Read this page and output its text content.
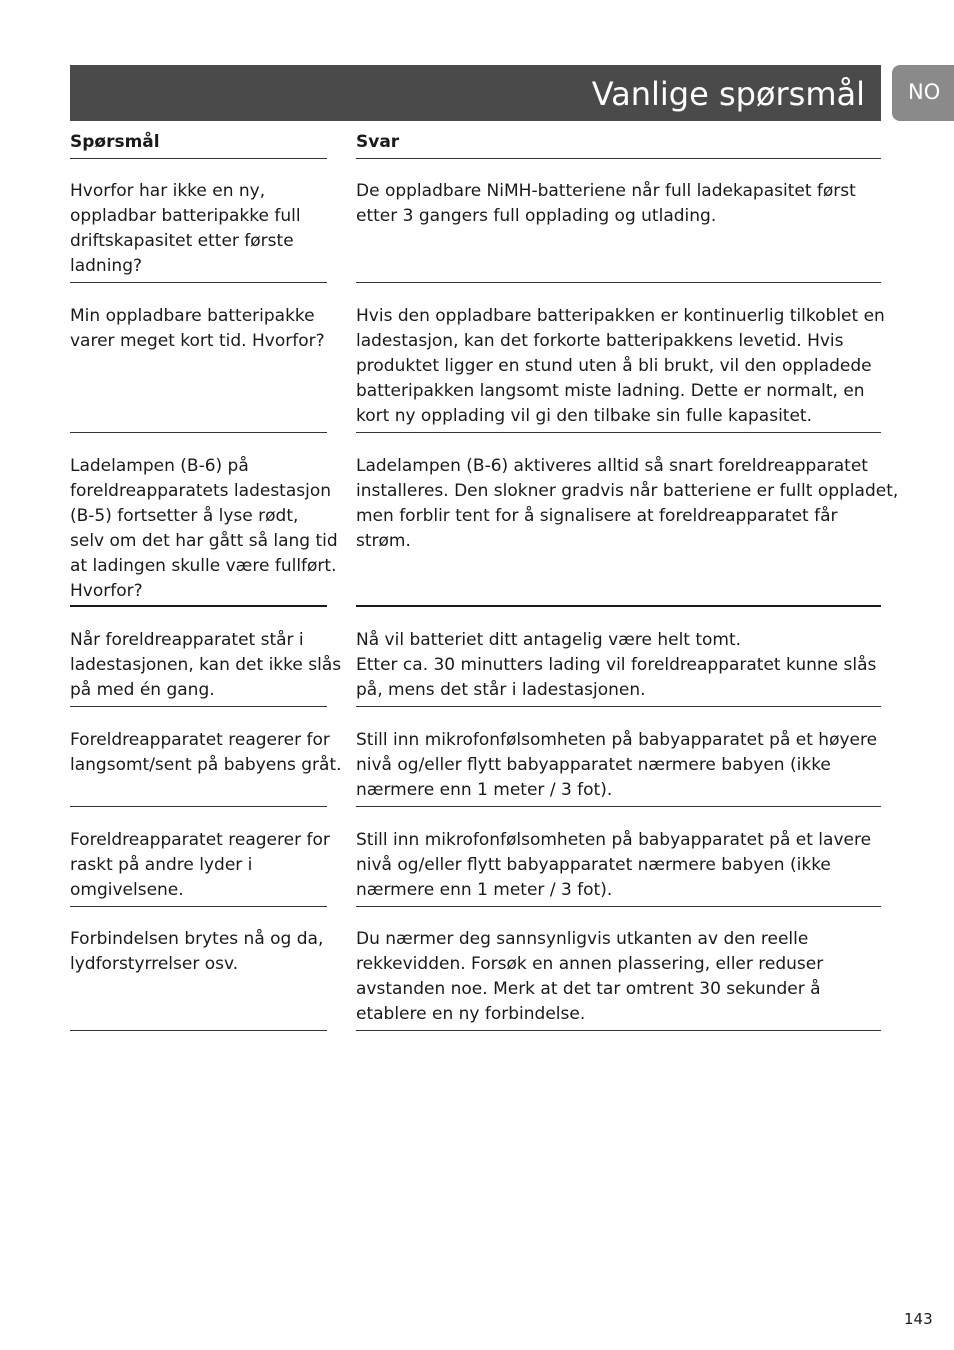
Vanlige spørsmål NO
Spørsmål	Svar
Hvorfor har ikke en ny,
oppladbar batteripakke full
driftskapasitet etter første
ladning?
De oppladbare NiMH-batteriene når full ladekapasitet først
etter 3 gangers full opplading og utlading.
Min oppladbare batteripakke
varer meget kort tid. Hvorfor?
Hvis den oppladbare batteripakken er kontinuerlig tilkoblet en
ladestasjon, kan det forkorte batteripakkens levetid. Hvis
produktet ligger en stund uten å bli brukt, vil den oppladede
batteripakken langsomt miste ladning. Dette er normalt, en
kort ny opplading vil gi den tilbake sin fulle kapasitet.
Ladelampen (B-6) på
foreldreapparatets ladestasjon
(B-5) fortsetter å lyse rødt,
selv om det har gått så lang tid
at ladingen skulle være fullført.
Hvorfor?
Ladelampen (B-6) aktiveres alltid så snart foreldreapparatet
installeres. Den slokner gradvis når batteriene er fullt oppladet,
men forblir tent for å signalisere at foreldreapparatet får
strøm.
Når foreldreapparatet står i
ladestasjonen, kan det ikke slås
på med én gang.
Nå vil batteriet ditt antagelig være helt tomt.
Etter ca. 30 minutters lading vil foreldreapparatet kunne slås
på, mens det står i ladestasjonen.
Foreldreapparatet reagerer for
langsomt/sent på babyens gråt.
Still inn mikrofonfølsomheten på babyapparatet på et høyere
nivå og/eller flytt babyapparatet nærmere babyen (ikke
nærmere enn 1 meter / 3 fot).
Foreldreapparatet reagerer for
raskt på andre lyder i
omgivelsene.
Still inn mikrofonfølsomheten på babyapparatet på et lavere
nivå og/eller flytt babyapparatet nærmere babyen (ikke
nærmere enn 1 meter / 3 fot).
Forbindelsen brytes nå og da,
lydforstyrrelser osv.
Du nærmer deg sannsynligvis utkanten av den reelle
rekkevidden. Forsøk en annen plassering, eller reduser
avstanden noe. Merk at det tar omtrent 30 sekunder å
etablere en ny forbindelse.
143
